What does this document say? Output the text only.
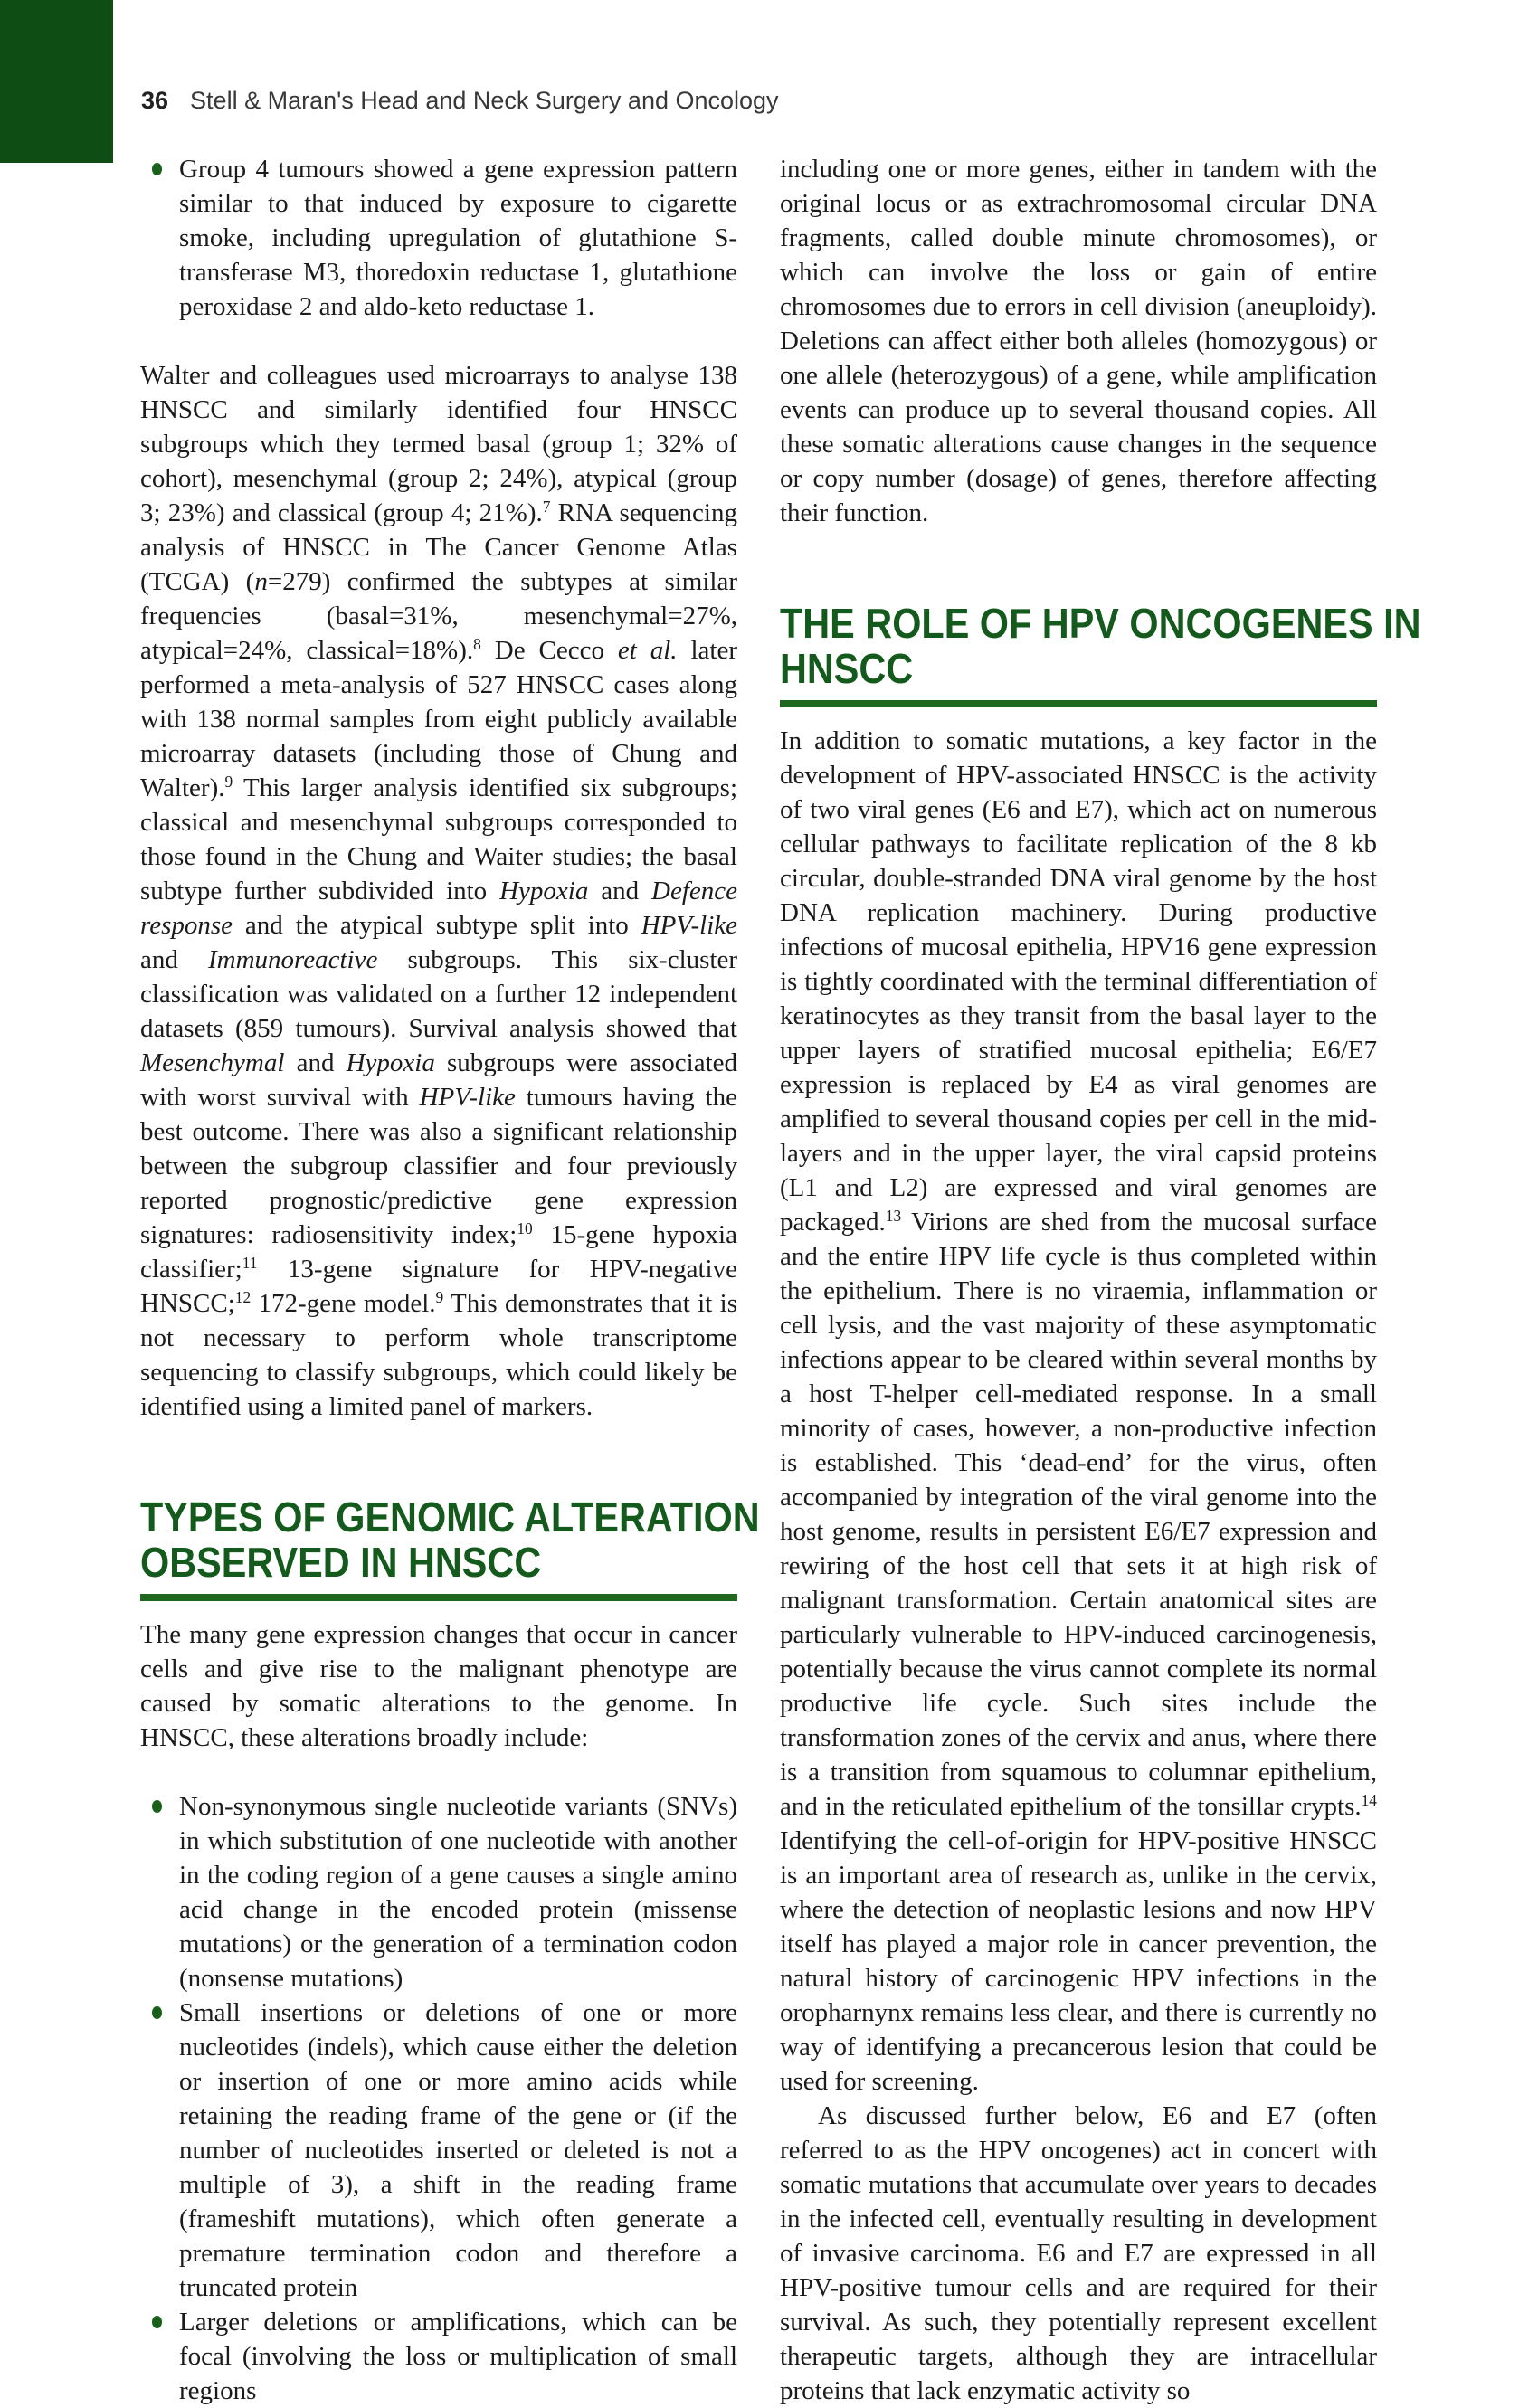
36 Stell & Maran's Head and Neck Surgery and Oncology
Group 4 tumours showed a gene expression pattern similar to that induced by exposure to cigarette smoke, including upregulation of glutathione S-transferase M3, thoredoxin reductase 1, glutathione peroxidase 2 and aldo-keto reductase 1.
Walter and colleagues used microarrays to analyse 138 HNSCC and similarly identified four HNSCC subgroups which they termed basal (group 1; 32% of cohort), mesenchymal (group 2; 24%), atypical (group 3; 23%) and classical (group 4; 21%).$^7$ RNA sequencing analysis of HNSCC in The Cancer Genome Atlas (TCGA) (n=279) confirmed the subtypes at similar frequencies (basal=31%, mesenchymal=27%, atypical=24%, classical=18%).$^8$ De Cecco et al. later performed a meta-analysis of 527 HNSCC cases along with 138 normal samples from eight publicly available microarray datasets (including those of Chung and Walter).$^9$ This larger analysis identified six subgroups; classical and mesenchymal subgroups corresponded to those found in the Chung and Waiter studies; the basal subtype further subdivided into Hypoxia and Defence response and the atypical subtype split into HPV-like and Immunoreactive subgroups. This six-cluster classification was validated on a further 12 independent datasets (859 tumours). Survival analysis showed that Mesenchymal and Hypoxia subgroups were associated with worst survival with HPV-like tumours having the best outcome. There was also a significant relationship between the subgroup classifier and four previously reported prognostic/predictive gene expression signatures: radiosensitivity index;$^{10}$ 15-gene hypoxia classifier;$^{11}$ 13-gene signature for HPV-negative HNSCC;$^{12}$ 172-gene model.$^9$ This demonstrates that it is not necessary to perform whole transcriptome sequencing to classify subgroups, which could likely be identified using a limited panel of markers.
TYPES OF GENOMIC ALTERATION
OBSERVED IN HNSCC
The many gene expression changes that occur in cancer cells and give rise to the malignant phenotype are caused by somatic alterations to the genome. In HNSCC, these alterations broadly include:
Non-synonymous single nucleotide variants (SNVs) in which substitution of one nucleotide with another in the coding region of a gene causes a single amino acid change in the encoded protein (missense mutations) or the generation of a termination codon (nonsense mutations)
Small insertions or deletions of one or more nucleotides (indels), which cause either the deletion or insertion of one or more amino acids while retaining the reading frame of the gene or (if the number of nucleotides inserted or deleted is not a multiple of 3), a shift in the reading frame (frameshift mutations), which often generate a premature termination codon and therefore a truncated protein
Larger deletions or amplifications, which can be focal (involving the loss or multiplication of small regions
including one or more genes, either in tandem with the original locus or as extrachromosomal circular DNA fragments, called double minute chromosomes), or which can involve the loss or gain of entire chromosomes due to errors in cell division (aneuploidy). Deletions can affect either both alleles (homozygous) or one allele (heterozygous) of a gene, while amplification events can produce up to several thousand copies. All these somatic alterations cause changes in the sequence or copy number (dosage) of genes, therefore affecting their function.
THE ROLE OF HPV ONCOGENES IN
HNSCC
In addition to somatic mutations, a key factor in the development of HPV-associated HNSCC is the activity of two viral genes (E6 and E7), which act on numerous cellular pathways to facilitate replication of the 8 kb circular, double-stranded DNA viral genome by the host DNA replication machinery. During productive infections of mucosal epithelia, HPV16 gene expression is tightly coordinated with the terminal differentiation of keratinocytes as they transit from the basal layer to the upper layers of stratified mucosal epithelia; E6/E7 expression is replaced by E4 as viral genomes are amplified to several thousand copies per cell in the mid-layers and in the upper layer, the viral capsid proteins (L1 and L2) are expressed and viral genomes are packaged.$^{13}$ Virions are shed from the mucosal surface and the entire HPV life cycle is thus completed within the epithelium. There is no viraemia, inflammation or cell lysis, and the vast majority of these asymptomatic infections appear to be cleared within several months by a host T-helper cell-mediated response. In a small minority of cases, however, a non-productive infection is established. This ‘dead-end’ for the virus, often accompanied by integration of the viral genome into the host genome, results in persistent E6/E7 expression and rewiring of the host cell that sets it at high risk of malignant transformation. Certain anatomical sites are particularly vulnerable to HPV-induced carcinogenesis, potentially because the virus cannot complete its normal productive life cycle. Such sites include the transformation zones of the cervix and anus, where there is a transition from squamous to columnar epithelium, and in the reticulated epithelium of the tonsillar crypts.$^{14}$ Identifying the cell-of-origin for HPV-positive HNSCC is an important area of research as, unlike in the cervix, where the detection of neoplastic lesions and now HPV itself has played a major role in cancer prevention, the natural history of carcinogenic HPV infections in the oropharnynx remains less clear, and there is currently no way of identifying a precancerous lesion that could be used for screening.
As discussed further below, E6 and E7 (often referred to as the HPV oncogenes) act in concert with somatic mutations that accumulate over years to decades in the infected cell, eventually resulting in development of invasive carcinoma. E6 and E7 are expressed in all HPV-positive tumour cells and are required for their survival. As such, they potentially represent excellent therapeutic targets, although they are intracellular proteins that lack enzymatic activity so
